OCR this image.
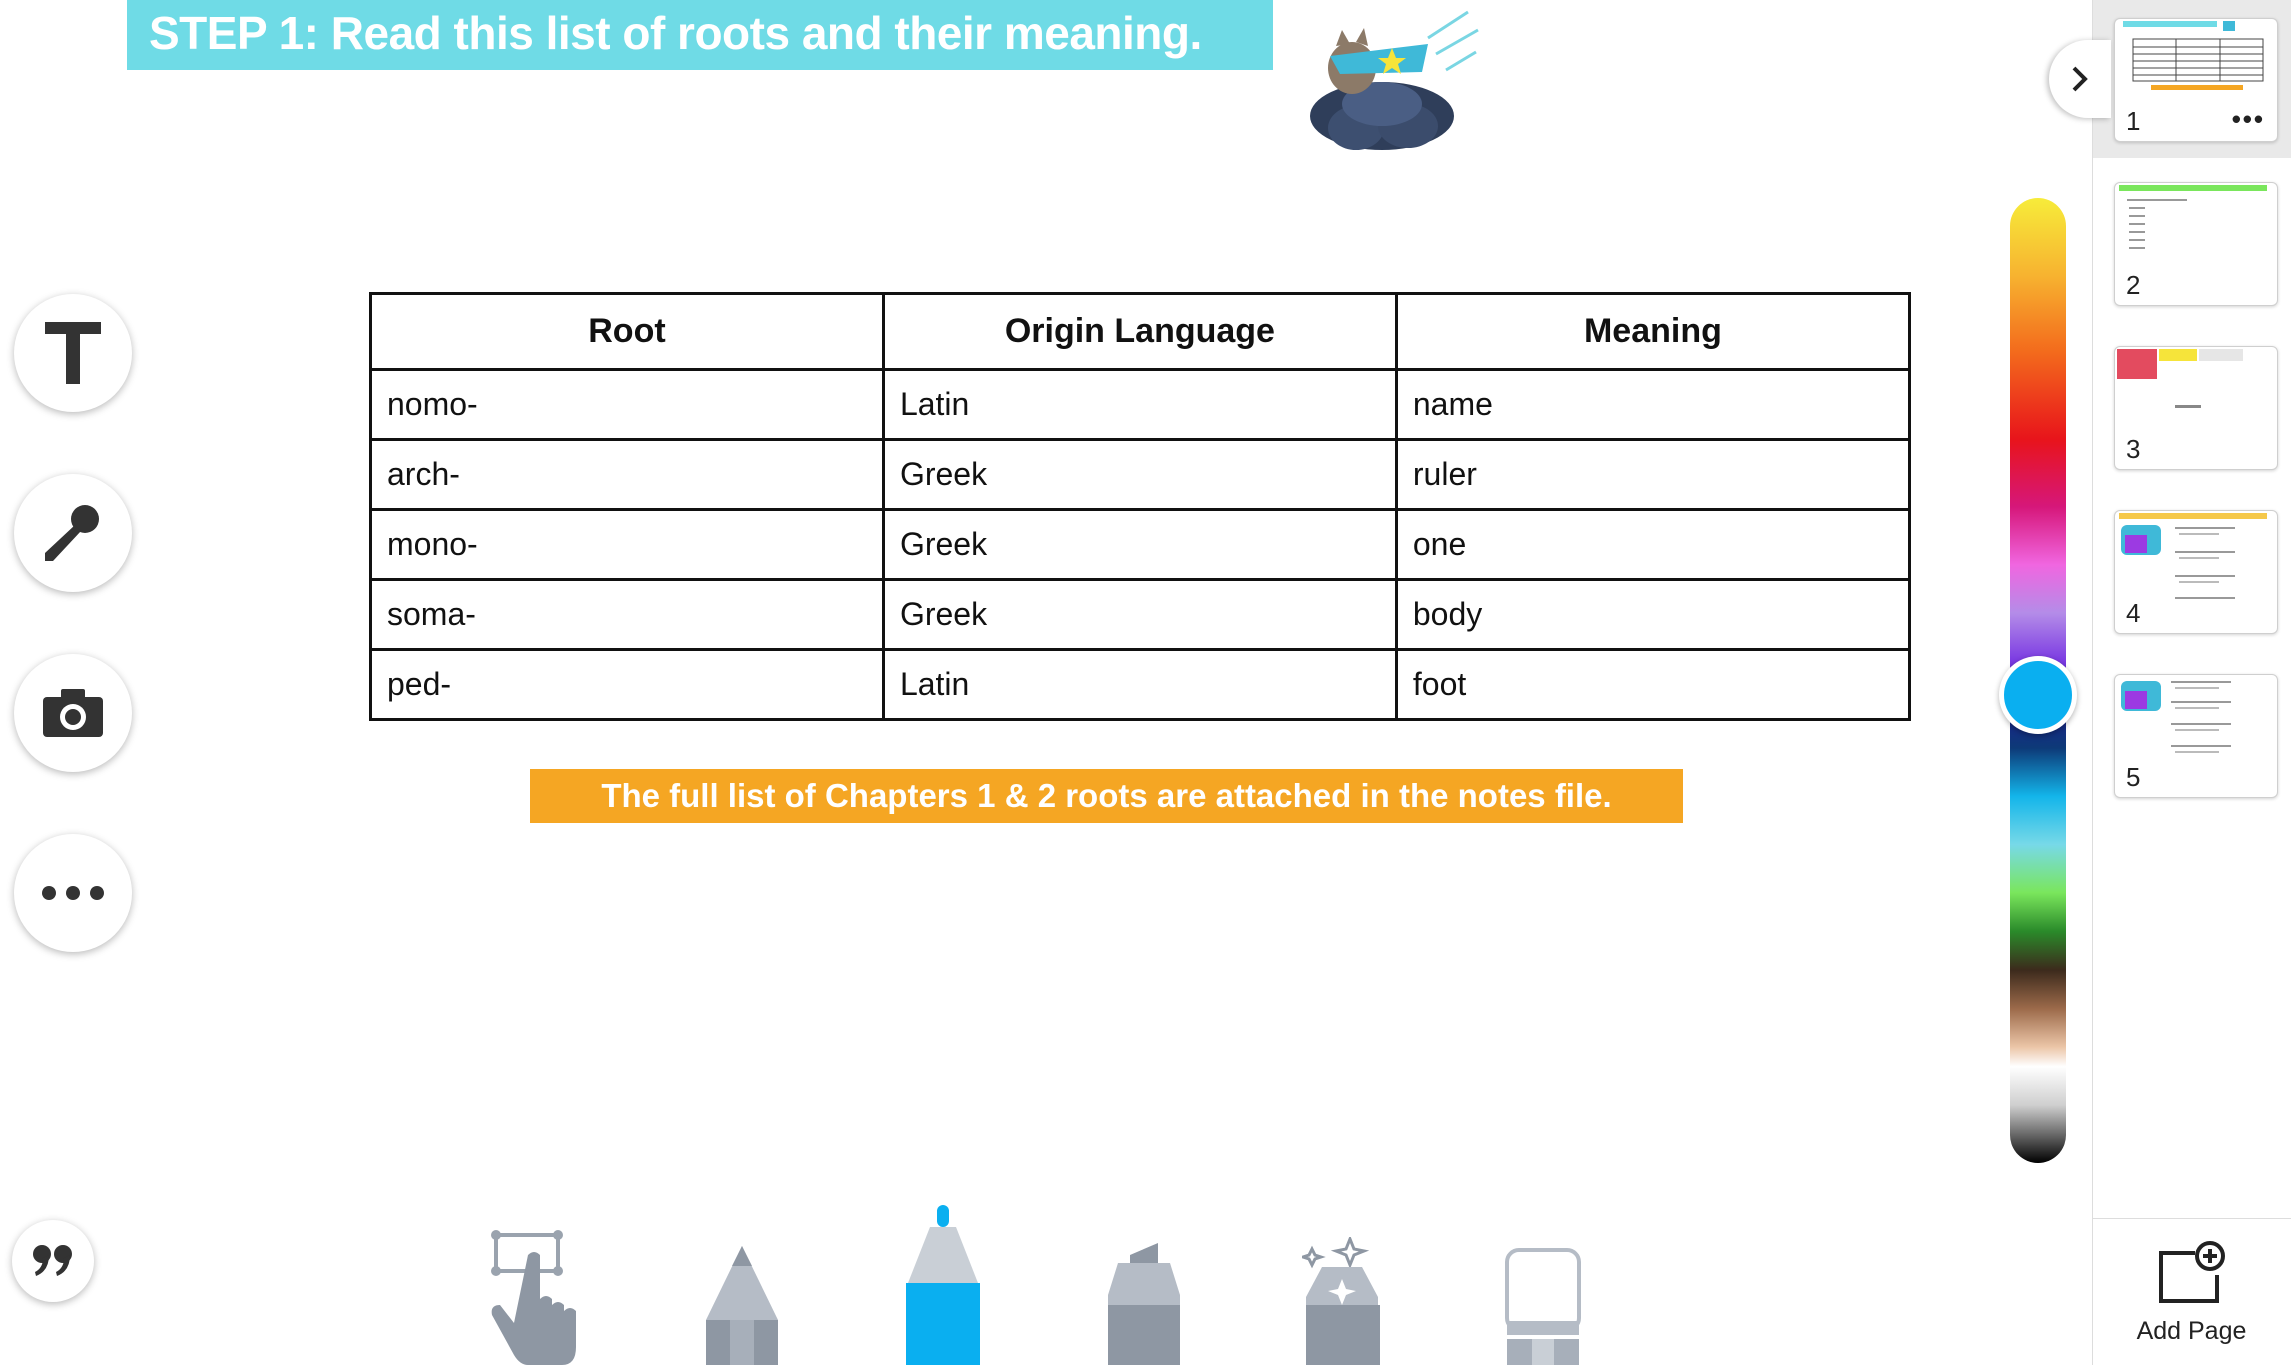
STEP 1: Read this list of roots and their meaning.
Root	Origin Language	Meaning
nomo-	Latin	name
arch-	Greek	ruler
mono-	Greek	one
soma-	Greek	body
ped-	Latin	foot
The full list of Chapters 1 & 2 roots are attached in the notes file.
1	•••
2
3
4
5
Add Page
